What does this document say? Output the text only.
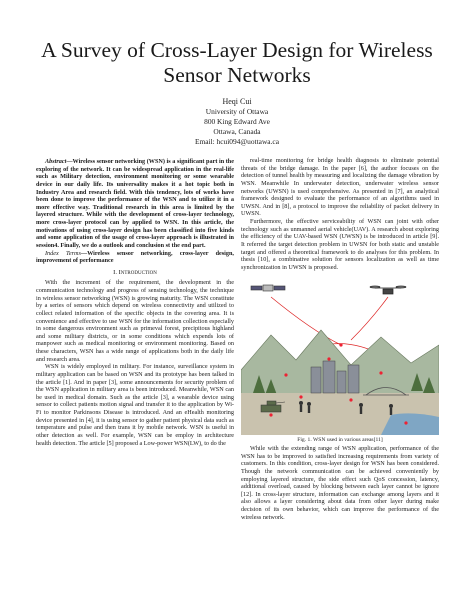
A Survey of Cross-Layer Design for Wireless Sensor Networks
Heqi Cui
University of Ottawa
800 King Edward Ave
Ottawa, Canada
Email: hcui094@uottawa.ca

Abstract—Wireless sensor networking (WSN) is a significant part in the exploring of the network. It can be widespread application in the real-life such as Military detection, environment monitoring or some wearable device in our daily life. Its universality makes it a hot topic both in Industry Area and research field. With this tendency, lots of works have been done to improve the performance of the WSN and to utilize it in a more effective way. Traditional research in this area is limited by the layered structure. While with the development of cross-layer technology, more cross-layer protocol can by applied to WSN. In this article, the motivations of using cross-layer design has been classified into five kinds and some application of the usage of cross-layer approach is illustrated in session4. Finally, we do a outlook and conclusion st the end part.

Index Terms—Wireless sensor networking, cross-layer design, improvement of performance

I. Introduction

With the increment of the requirement, the development in the communication technology and progress of sensing technology, the technique in wireless sensor networking (WSN) is growing maturity. The WSN constitute by a series of sensors which depend on wireless connectivity and utilized to collect related information of the specific objects in the covering area. It is convenience and effective to use WSN for the information collection especially in some dangerous environment such as primeval forest, precipitous highland and some military districts, or in some conditions which expends lots of manpower such as medical monitoring or environment monitoring. Based on these characters, WSN has a wide range of applications both in the daily life and research area.

WSN is widely employed in military. For instance, surveillance system in military application can be based on WSN and its prototype has been talked in the article [1]. And in paper [3], some announcements for security problem of the WSN application in military area is been introduced. Meanwhile, WSN can be used in medical domain. Such as the article [3], a wearable device using sensor to collect patients motion signal and transfer it to the application by Wi-Fi to monitor Parkinsons Disease is introduced. And an eHealth monitoring device presented in [4], it is using sensor to gather patient physical data such as temperature and pulse and then trans it by mobile network. WSN is useful in other detection as well. For example, WSN can be employ in architecture health detection. The article [5] proposed a Low-power WSN(LW), to do the

real-time monitoring for bridge health diagnosis to eliminate potential threats of the bridge damage. In the paper [6], the author focuses on the detection of tunnel health by measuring and localizing the damage vibration by WSN. Meanwhile In underwater detection, underwater wireless sensor networks (UWSN) is used comprehensive. As presented in [7], an analytical framework designed to evaluate the performance of an algorithms used in UWSN. And in [8], a protocol to improve the reliability of packet delivery in UWSN.

Furthermore, the effective serviceability of WSN can joint with other technology such as unmanned aerial vehicle(UAV). A research about exploring the efficiency of the UAV-based WSN (UWSN) is be introduced in article [9]. It referred the target detection problem in UWSN for both static and unstable target and offered a theoretical framework to do analyses for this problem. In thesis [10], a combinative solution for sensors localization as well as time synchronization in UWSN is proposed.

Fig. 1. WSN used in various areas[11]

While with the extending range of WSN application, performance of the WSN has to be improved to satisfied increasing requirements from variety of customers. In this condition, cross-layer design for WSN has been considered. Though the network communication can be achieved conveniently by employing layered structure, the side effect such QoS concession, latency, additional overload, caused by blocking between each layer cannot be ignore [12]. In cross-layer structure, information can exchange among layers and it also allows a layer considering about data from other layer during make decision of its own behavior, which can improve the performance of the wireless network.
